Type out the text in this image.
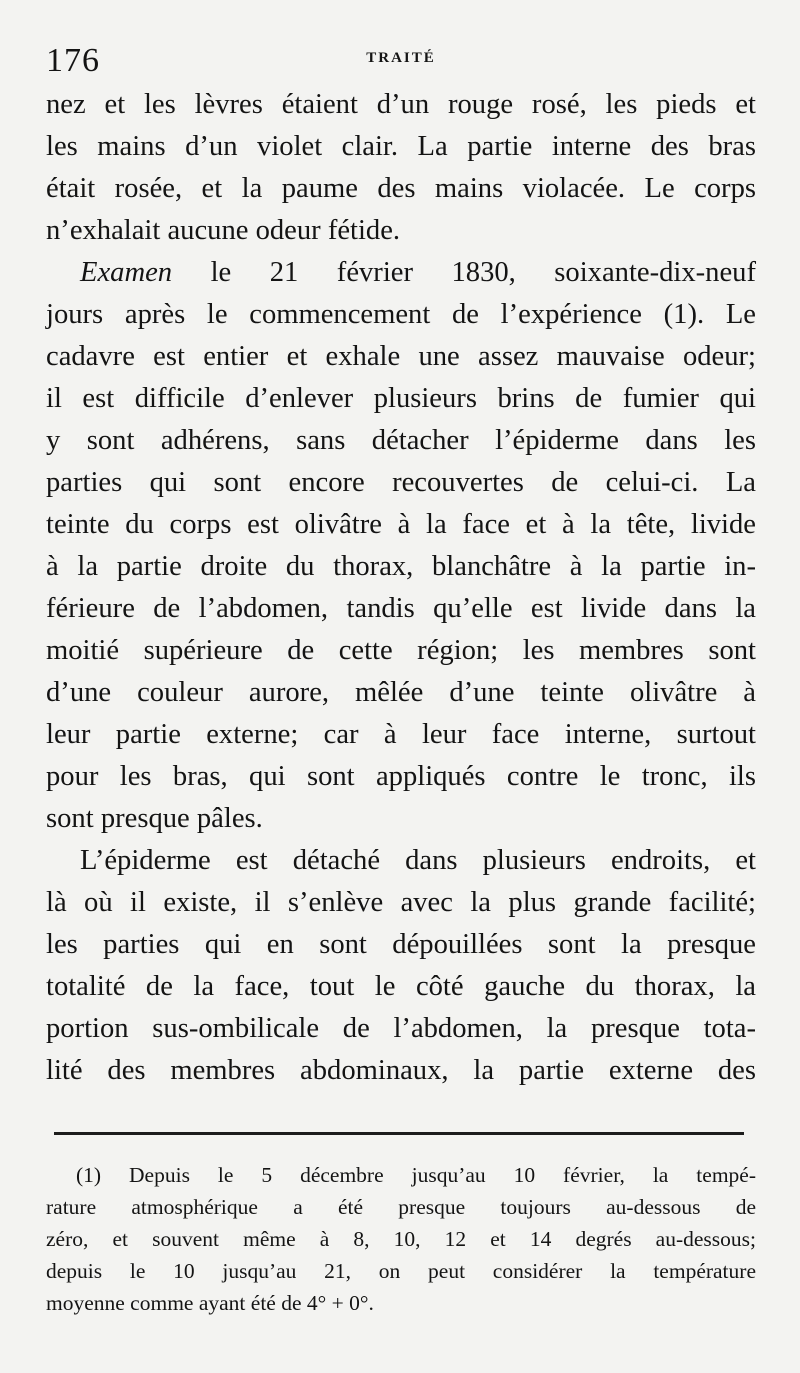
176	TRAITÉ

nez et les lèvres étaient d’un rouge rosé, les pieds et
les mains d’un violet clair. La partie interne des bras
était rosée, et la paume des mains violacée. Le corps
n’exhalait aucune odeur fétide.

Examen le 21 février 1830, soixante-dix-neuf
jours après le commencement de l’expérience (1). Le
cadavre est entier et exhale une assez mauvaise odeur;
il est difficile d’enlever plusieurs brins de fumier qui
y sont adhérens, sans détacher l’épiderme dans les
parties qui sont encore recouvertes de celui-ci. La
teinte du corps est olivâtre à la face et à la tête, livide
à la partie droite du thorax, blanchâtre à la partie in-
férieure de l’abdomen, tandis qu’elle est livide dans la
moitié supérieure de cette région; les membres sont
d’une couleur aurore, mêlée d’une teinte olivâtre à
leur partie externe; car à leur face interne, surtout
pour les bras, qui sont appliqués contre le tronc, ils
sont presque pâles.

L’épiderme est détaché dans plusieurs endroits, et
là où il existe, il s’enlève avec la plus grande facilité;
les parties qui en sont dépouillées sont la presque
totalité de la face, tout le côté gauche du thorax, la
portion sus-ombilicale de l’abdomen, la presque tota-
lité des membres abdominaux, la partie externe des

(1) Depuis le 5 décembre jusqu’au 10 février, la tempé-
rature atmosphérique a été presque toujours au-dessous de
zéro, et souvent même à 8, 10, 12 et 14 degrés au-dessous;
depuis le 10 jusqu’au 21, on peut considérer la température
moyenne comme ayant été de 4° + 0°.
